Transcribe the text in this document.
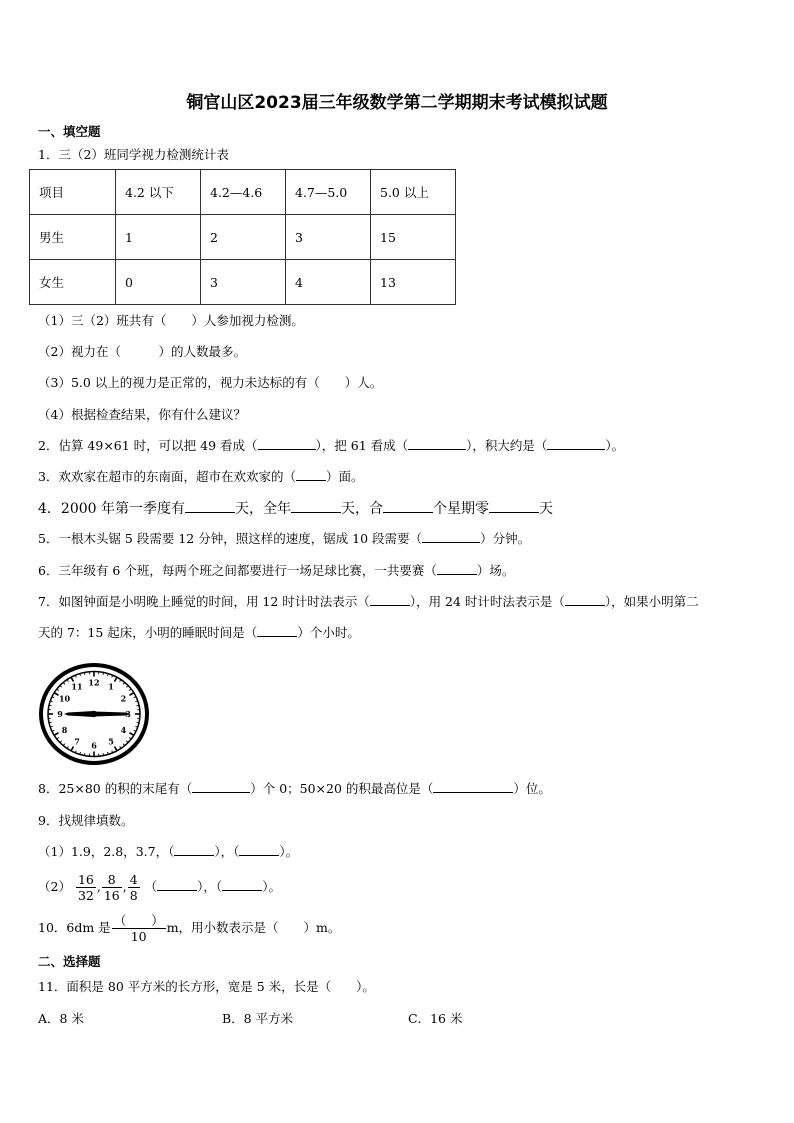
铜官山区2023届三年级数学第二学期期末考试模拟试题
一、填空题
1．三（2）班同学视力检测统计表
项目	4.2 以下	4.2—4.6	4.7—5.0	5.0 以上
男生	1	2	3	15
女生	0	3	4	13
（1）三（2）班共有（　　）人参加视力检测。
（2）视力在（　　　）的人数最多。
（3）5.0 以上的视力是正常的，视力未达标的有（　　）人。
（4）根据检查结果，你有什么建议？
2．估算 49×61 时，可以把 49 看成（	），把 61 看成（	），积大约是（	）。
3．欢欢家在超市的东南面，超市在欢欢家的（ ）面。
4．2000 年第一季度有	天，全年	天，合	个星期零	天
5．一根木头锯 5 段需要 12 分钟，照这样的速度，锯成 10 段需要（	）分钟。
6．三年级有 6 个班，每两个班之间都要进行一场足球比赛，一共要赛（	）场。
7．如图钟面是小明晚上睡觉的时间，用 12 时计时法表示（	），用 24 时计时法表示是（	），如果小明第二
天的 7：15 起床，小明的睡眠时间是（	）个小时。
12 1
2
4
5
6
7
8
9
10
11
8．25×80 的积的末尾有（	）个 0；50×20 的积最高位是（	）位。
9．找规律填数。
（1）1.9，2.8，3.7，（	），（	）。
$(2) \frac{16}{32}$ , $\frac{8}{16}$ , $\frac{4}{8}$ （	），（	）。
10．6dm 是 $\frac{( )}{10}$ m，用小数表示是（　　）m。
二、选择题
11．面积是 80 平方米的长方形，宽是 5 米，长是（　　）。
A．8 米	B．8 平方米	C．16 米
